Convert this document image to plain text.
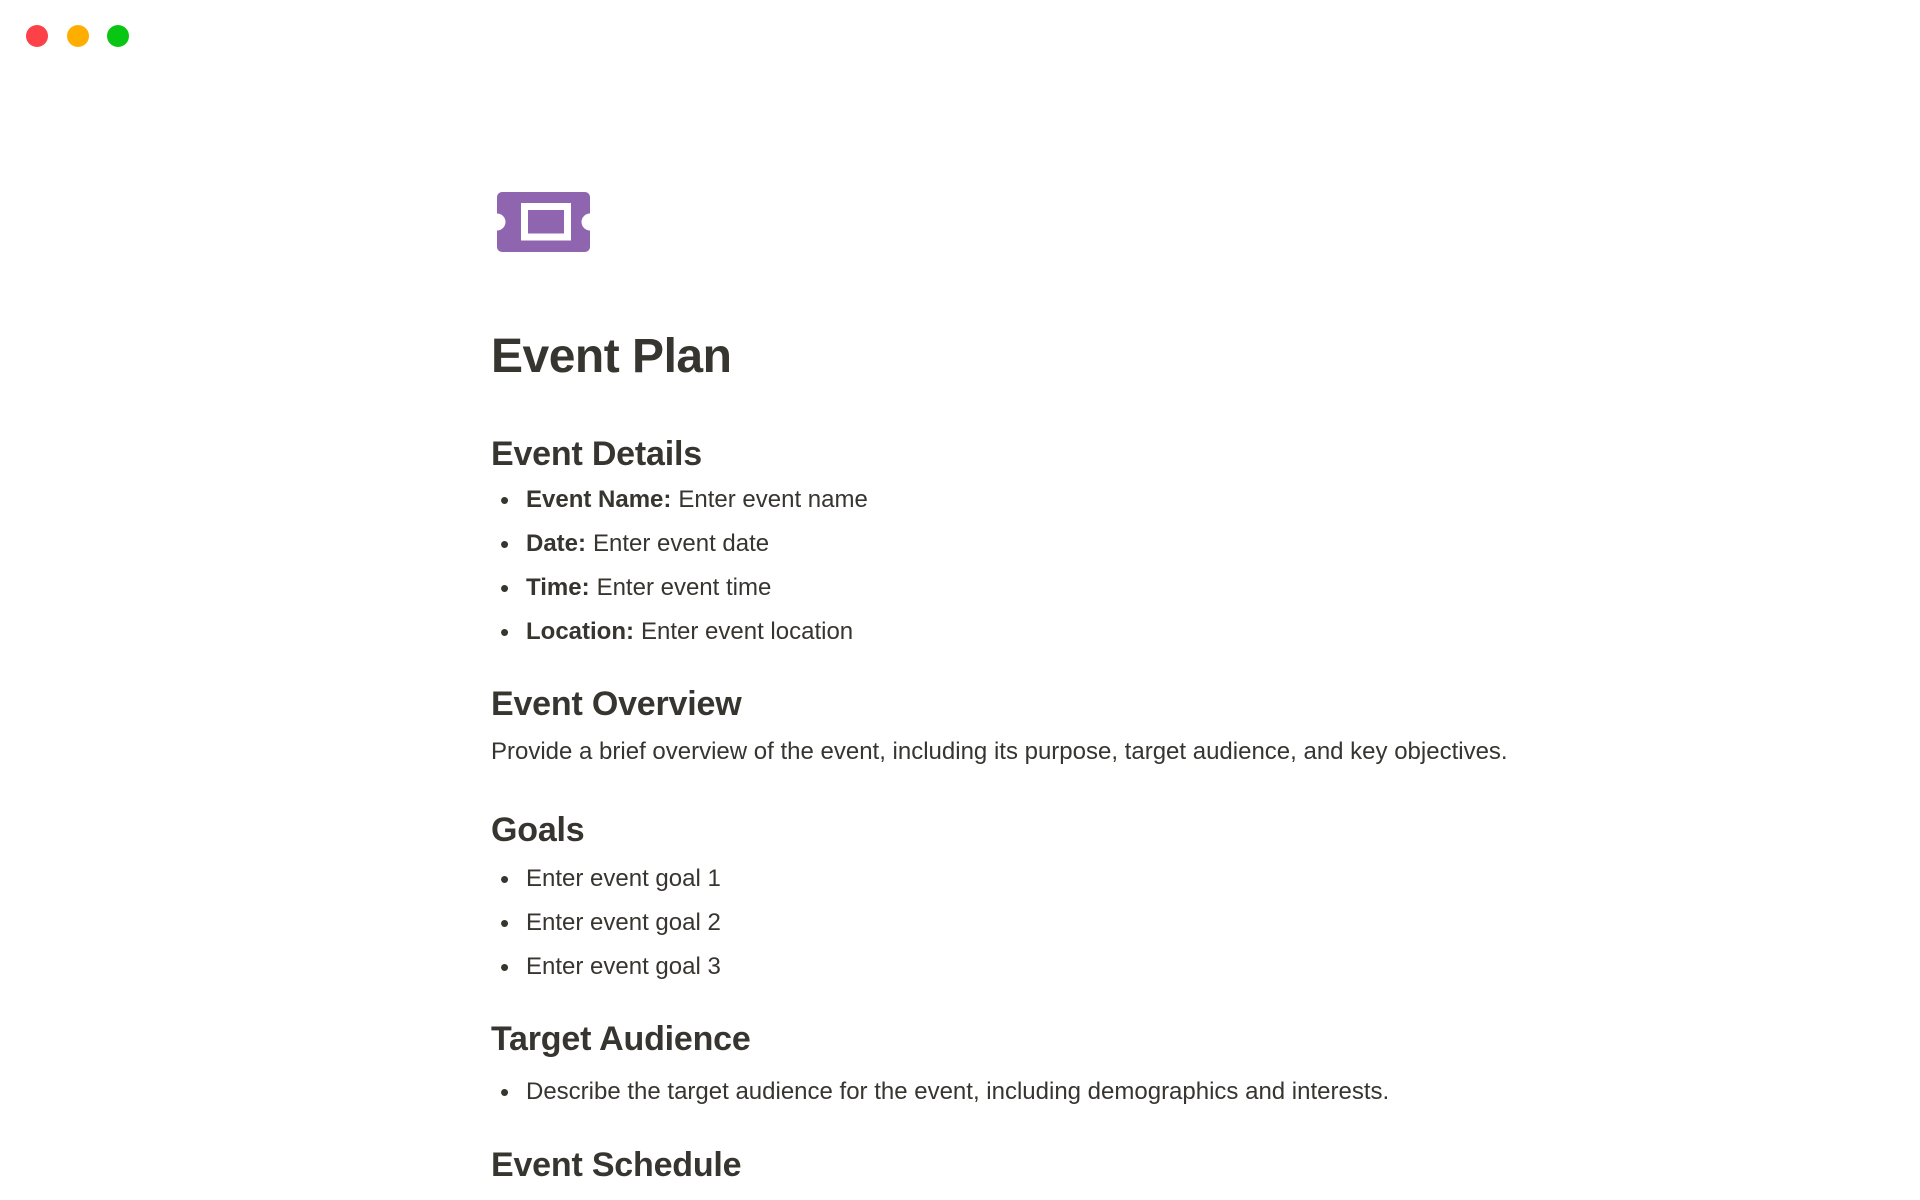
Event Plan
Event Details
• Event Name: Enter event name
• Date: Enter event date
• Time: Enter event time
• Location: Enter event location
Event Overview

Provide a brief overview of the event, including its purpose, target audience, and key objectives.

Goals
• Enter event goal 1
• Enter event goal 2
• Enter event goal 3
Target Audience
• Describe the target audience for the event, including demographics and interests.
Event Schedule
